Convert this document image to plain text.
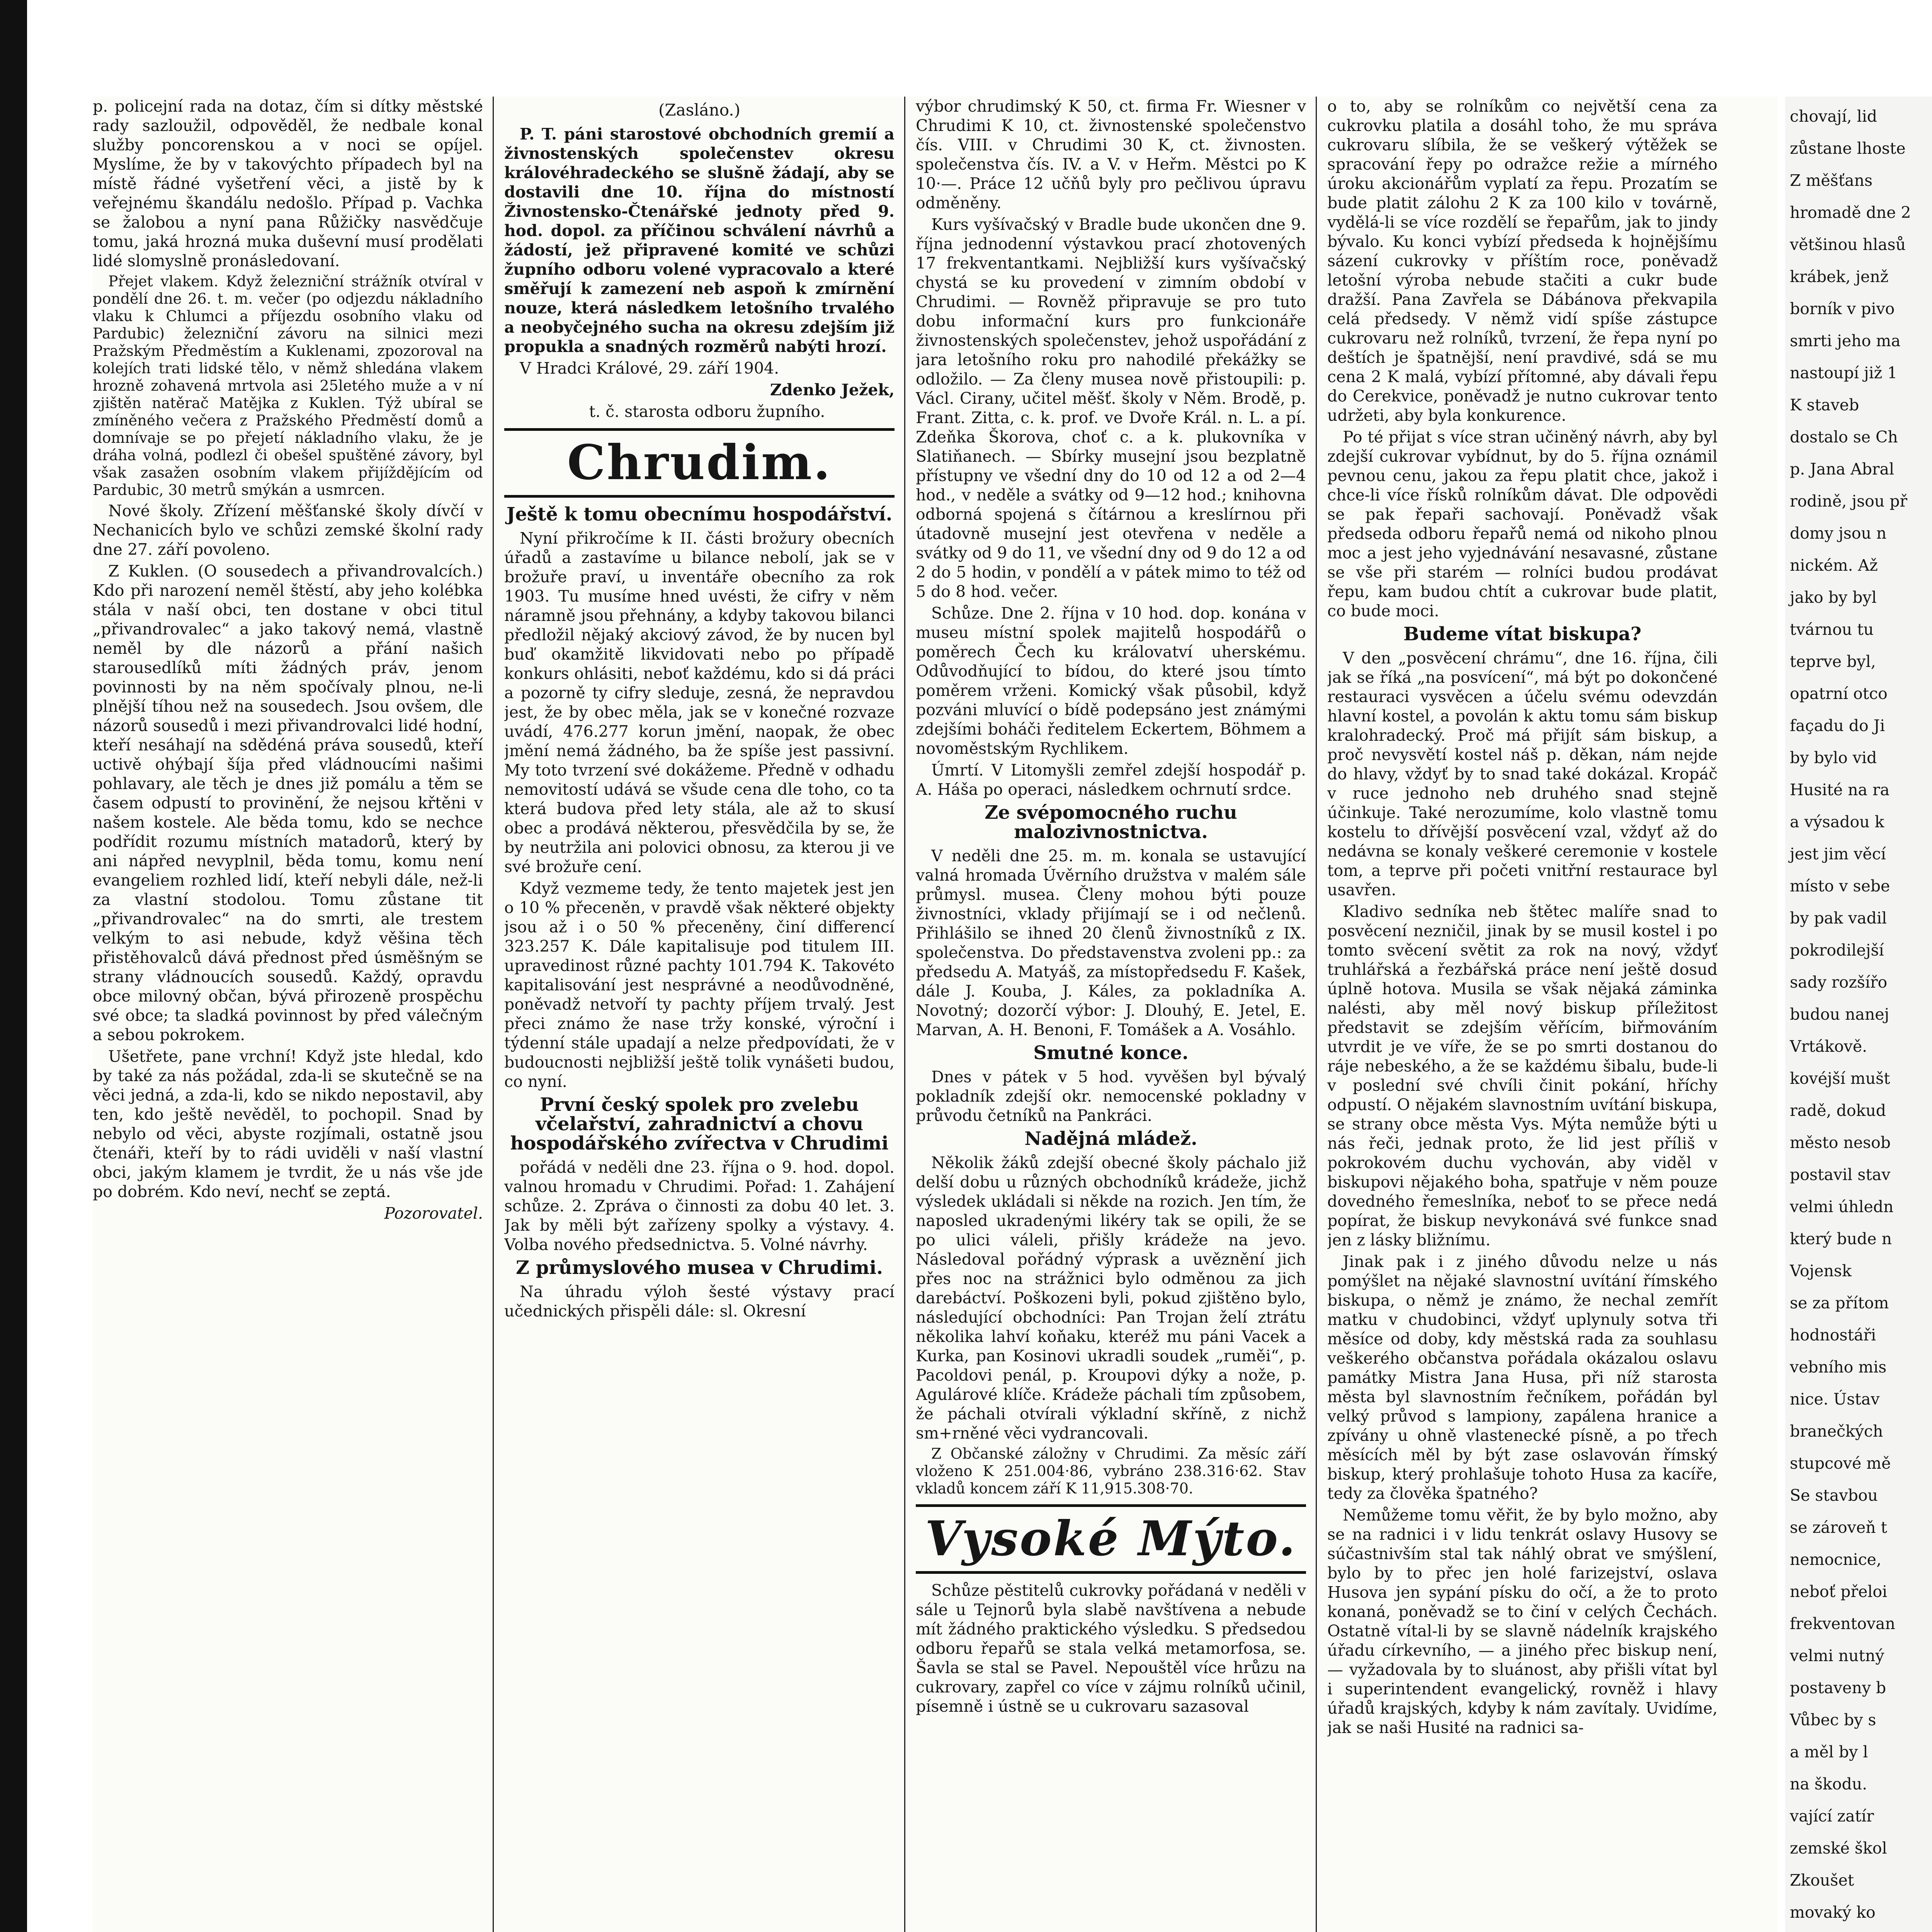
p. policejní rada na dotaz, čím si dítky městské rady sazloužil, odpověděl, že nedbale konal služby poncorenskou a v noci se opíjel. Myslíme, že by v takovýchto případech byl na místě řádné vyšetření věci, a jistě by k veřejnému škandálu nedošlo. Případ p. Vachka se žalobou a nyní pana Růžičky nasvědčuje tomu, jaká hrozná muka duševní musí prodělati lidé slomyslně pronásledovaní.

Přejet vlakem. Když železniční strážník otvíral v pondělí dne 26. t. m. večer (po odjezdu nákladního vlaku k Chlumci a příjezdu osobního vlaku od Pardubic) železniční závoru na silnici mezi Pražským Předměstím a Kuklenami, zpozoroval na kolejích trati lidské tělo, v němž shledána vlakem hrozně zohavená mrtvola asi 25letého muže a v ní zjištěn natěrač Matějka z Kuklen. Týž ubíral se zmíněného večera z Pražského Předměstí domů a domnívaje se po přejetí nákladního vlaku, že je dráha volná, podlezl či obešel spuštěné závory, byl však zasažen osobním vlakem přijíždějícím od Pardubic, 30 metrů smýkán a usmrcen.

Nové školy. Zřízení měšťanské školy dívčí v Nechanicích bylo ve schůzi zemské školní rady dne 27. září povoleno.

Z Kuklen. (O sousedech a přivandrovalcích.) Kdo při narození neměl štěstí, aby jeho kolébka stála v naší obci, ten dostane v obci titul „přivandrovalec“ a jako takový nemá, vlastně neměl by dle názorů a přání našich starousedlíků míti žádných práv, jenom povinnosti by na něm spočívaly plnou, ne-li plnější tíhou než na sousedech. Jsou ovšem, dle názorů sousedů i mezi přivandrovalci lidé hodní, kteří nesáhají na sdědéná práva sousedů, kteří uctivě ohýbají šíja před vládnoucími našimi pohlavary, ale těch je dnes již pomálu a těm se časem odpustí to provinění, že nejsou křtěni v našem kostele. Ale běda tomu, kdo se nechce podřídit rozumu místních matadorů, který by ani nápřed nevyplnil, běda tomu, komu není evangeliem rozhled lidí, kteří nebyli dále, než-li za vlastní stodolou. Tomu zůstane tit „přivandrovalec“ na do smrti, ale trestem velkým to asi nebude, když věšina těch přistěhovalců dává přednost před úsměšným se strany vládnoucích sousedů. Každý, opravdu obce milovný občan, bývá přirozeně prospěchu své obce; ta sladká povinnost by před válečným a sebou pokrokem.

Ušetřete, pane vrchní! Když jste hledal, kdo by také za nás požádal, zda-li se skutečně se na věci jedná, a zda-li, kdo se nikdo nepostavil, aby ten, kdo ještě nevěděl, to pochopil. Snad by nebylo od věci, abyste rozjímali, ostatně jsou čtenáři, kteří by to rádi uviděli v naší vlastní obci, jakým klamem je tvrdit, že u nás vše jde po dobrém. Kdo neví, nechť se zeptá.

Pozorovatel.

(Zasláno.)

P. T. páni starostové obchodních gremií a živnostenských společenstev okresu královéhradeckého se slušně žádají, aby se dostavili dne 10. října do místností Živnostensko-Čtenářské jednoty před 9. hod. dopol. za příčinou schválení návrhů a žádostí, jež připravené komité ve schůzi župního odboru volené vypracovalo a které směřují k zamezení neb aspoň k zmírnění nouze, která následkem letošního trvalého a neobyčejného sucha na okresu zdejším již propukla a snadných rozměrů nabýti hrozí.

V Hradci Králové, 29. září 1904.

Zdenko Ježek,

t. č. starosta odboru župního.

Chrudim.

Ještě k tomu obecnímu hospodářství.

Nyní přikročíme k II. části brožury obecních úřadů a zastavíme u bilance nebolí, jak se v brožuře praví, u inventáře obecního za rok 1903. Tu musíme hned uvésti, že cifry v něm náramně jsou přehnány, a kdyby takovou bilanci předložil nějaký akciový závod, že by nucen byl buď okamžitě likvidovati nebo po případě konkurs ohlásiti, neboť každému, kdo si dá práci a pozorně ty cifry sleduje, zesná, že nepravdou jest, že by obec měla, jak se v konečné rozvaze uvádí, 476.277 korun jmění, naopak, že obec jmění nemá žádného, ba že spíše jest passivní. My toto tvrzení své dokážeme. Předně v odhadu nemovitostí udává se všude cena dle toho, co ta která budova před lety stála, ale až to skusí obec a prodává některou, přesvědčila by se, že by neutržila ani polovici obnosu, za kterou ji ve své brožuře cení.

Když vezmeme tedy, že tento majetek jest jen o 10 % přeceněn, v pravdě však některé objekty jsou až i o 50 % přeceněny, činí differencí 323.257 K. Dále kapitalisuje pod titulem III. upravedinost různé pachty 101.794 K. Takovéto kapitalisování jest nesprávné a neodůvodněné, poněvadž netvoří ty pachty příjem trvalý. Jest přeci známo že nase tržy konské, výroční i týdenní stále upadají a nelze předpovídati, že v budoucnosti nejbližší ještě tolik vynášeti budou, co nyní.

První český spolek pro zvelebu včelařství, zahradnictví a chovu hospodářského zvířectva v Chrudimi

pořádá v neděli dne 23. října o 9. hod. dopol. valnou hromadu v Chrudimi. Pořad: 1. Zahájení schůze. 2. Zpráva o činnosti za dobu 40 let. 3. Jak by měli být zařízeny spolky a výstavy. 4. Volba nového předsednictva. 5. Volné návrhy.

Z průmyslového musea v Chrudimi.

Na úhradu výloh šesté výstavy prací učednických přispěli dále: sl. Okresní

výbor chrudimský K 50, ct. firma Fr. Wiesner v Chrudimi K 10, ct. živnostenské společenstvo čís. VIII. v Chrudimi 30 K, ct. živnosten. společenstva čís. IV. a V. v Heřm. Městci po K 10·—. Práce 12 učňů byly pro pečlivou úpravu odměněny.

Kurs vyšívačský v Bradle bude ukončen dne 9. října jednodenní výstavkou prací zhotovených 17 frekventantkami. Nejbližší kurs vyšívačský chystá se ku provedení v zimním období v Chrudimi. — Rovněž připravuje se pro tuto dobu informační kurs pro funkcionáře živnostenských společenstev, jehož uspořádání z jara letošního roku pro nahodilé překážky se odložilo. — Za členy musea nově přistoupili: p. Václ. Cirany, učitel měšť. školy v Něm. Brodě, p. Frant. Zitta, c. k. prof. ve Dvoře Král. n. L. a pí. Zdeňka Škorova, choť c. a k. plukovníka v Slatiňanech. — Sbírky musejní jsou bezplatně přístupny ve všední dny do 10 od 12 a od 2—4 hod., v neděle a svátky od 9—12 hod.; knihovna odborná spojená s čítárnou a kreslírnou při útadovně musejní jest otevřena v neděle a svátky od 9 do 11, ve všední dny od 9 do 12 a od 2 do 5 hodin, v pondělí a v pátek mimo to též od 5 do 8 hod. večer.

Schůze. Dne 2. října v 10 hod. dop. konána v museu místní spolek majitelů hospodářů o poměrech Čech ku královatví uherskému. Odůvodňující to bídou, do které jsou tímto poměrem vrženi. Komický však působil, když pozváni mluvící o bídě podepsáno jest známými zdejšími boháči ředitelem Eckertem, Böhmem a novoměstským Rychlikem.

Úmrtí. V Litomyšli zemřel zdejší hospodář p. A. Háša po operaci, následkem ochrnutí srdce.

Ze svépomocného ruchu malozivnostnictva.

V neděli dne 25. m. m. konala se ustavující valná hromada Úvěrního družstva v malém sále průmysl. musea. Členy mohou býti pouze živnostníci, vklady přijímají se i od nečlenů. Přihlášilo se ihned 20 členů živnostníků z IX. společenstva. Do představenstva zvoleni pp.: za předsedu A. Matyáš, za místopředsedu F. Kašek, dále J. Kouba, J. Káles, za pokladníka A. Novotný; dozorčí výbor: J. Dlouhý, E. Jetel, E. Marvan, A. H. Benoni, F. Tomášek a A. Vosáhlo.

Smutné konce.

Dnes v pátek v 5 hod. vyvěšen byl bývalý pokladník zdejší okr. nemocenské pokladny v průvodu četníků na Pankráci.

Nadějná mládež.

Několik žáků zdejší obecné školy páchalo již delší dobu u různých obchodníků krádeže, jichž výsledek ukládali si někde na rozich. Jen tím, že naposled ukradenými likéry tak se opili, že se po ulici váleli, přišly krádeže na jevo. Následoval pořádný výprask a uvěznění jich přes noc na strážnici bylo odměnou za jich darebáctví. Poškozeni byli, pokud zjištěno bylo, následující obchodníci: Pan Trojan želí ztrátu několika lahví koňaku, kteréž mu páni Vacek a Kurka, pan Kosinovi ukradli soudek „ruměi“, p. Pacoldovi penál, p. Kroupovi dýky a nože, p. Agulárové klíče. Krádeže páchali tím způsobem, že páchali otvírali výkladní skříně, z nichž sm+rněné věci vydrancovali.

Z Občanské záložny v Chrudimi. Za měsíc září vloženo K 251.004·86, vybráno 238.316·62. Stav vkladů koncem září K 11,915.308·70.

Vysoké Mýto.

Schůze pěstitelů cukrovky pořádaná v neděli v sále u Tejnorů byla slabě navštívena a nebude mít žádného praktického výsledku. S předsedou odboru řepařů se stala velká metamorfosa, se. Šavla se stal se Pavel. Nepouštěl více hrůzu na cukrovary, zapřel co více v zájmu rolníků učinil, písemně i ústně se u cukrovaru sazasoval

o to, aby se rolníkům co největší cena za cukrovku platila a dosáhl toho, že mu správa cukrovaru slíbila, že se veškerý výtěžek se spracování řepy po odražce režie a mírného úroku akcionářům vyplatí za řepu. Prozatím se bude platit zálohu 2 K za 100 kilo v továrně, vydělá-li se více rozdělí se řepařům, jak to jindy bývalo. Ku konci vybízí předseda k hojnějšímu sázení cukrovky v příštím roce, poněvadž letošní výroba nebude stačiti a cukr bude dražší. Pana Zavřela se Dábánova překvapila celá předsedy. V němž vidí spíše zástupce cukrovaru než rolníků, tvrzení, že řepa nyní po deštích je špatnější, není pravdivé, sdá se mu cena 2 K malá, vybízí přítomné, aby dávali řepu do Cerekvice, poněvadž je nutno cukrovar tento udržeti, aby byla konkurence.

Po té přijat s více stran učiněný návrh, aby byl zdejší cukrovar vybídnut, by do 5. října oznámil pevnou cenu, jakou za řepu platit chce, jakož i chce-li více řísků rolníkům dávat. Dle odpovědi se pak řepaři sachovají. Poněvadž však předseda odboru řepařů nemá od nikoho plnou moc a jest jeho vyjednávání nesavasné, zůstane se vše při starém — rolníci budou prodávat řepu, kam budou chtít a cukrovar bude platit, co bude moci.

Budeme vítat biskupa?

V den „posvěcení chrámu“, dne 16. října, čili jak se říká „na posvícení“, má být po dokončené restauraci vysvěcen a účelu svému odevzdán hlavní kostel, a povolán k aktu tomu sám biskup kralohradecký. Proč má přijít sám biskup, a proč nevysvětí kostel náš p. děkan, nám nejde do hlavy, vždyť by to snad také dokázal. Kropáč v ruce jednoho neb druhého snad stejně účinkuje. Také nerozumíme, kolo vlastně tomu kostelu to dřívější posvěcení vzal, vždyť až do nedávna se konaly veškeré ceremonie v kostele tom, a teprve při početi vnitřní restaurace byl usavřen.

Kladivo sedníka neb štětec malíře snad to posvěcení nezničil, jinak by se musil kostel i po tomto svěcení světit za rok na nový, vždyť truhlářská a řezbářská práce není ještě dosud úplně hotova. Musila se však nějaká záminka nalésti, aby měl nový biskup příležitost představit se zdejším věřícím, biřmováním utvrdit je ve víře, že se po smrti dostanou do ráje nebeského, a že se každému šibalu, bude-li v poslední své chvíli činit pokání, hříchy odpustí. O nějakém slavnostním uvítání biskupa, se strany obce města Vys. Mýta nemůže býti u nás řeči, jednak proto, že lid jest příliš v pokrokovém duchu vychován, aby viděl v biskupovi nějakého boha, spatřuje v něm pouze dovedného řemeslníka, neboť to se přece nedá popírat, že biskup nevykonává své funkce snad jen z lásky bližnímu.

Jinak pak i z jiného důvodu nelze u nás pomýšlet na nějaké slavnostní uvítání římského biskupa, o němž je známo, že nechal zemřít matku v chudobinci, vždyť uplynuly sotva tři měsíce od doby, kdy městská rada za souhlasu veškerého občanstva pořádala okázalou oslavu památky Mistra Jana Husa, při níž starosta města byl slavnostním řečníkem, pořádán byl velký průvod s lampiony, zapálena hranice a zpívány u ohně vlastenecké písně, a po třech měsících měl by být zase oslavován římský biskup, který prohlašuje tohoto Husa za kacíře, tedy za člověka špatného?

Nemůžeme tomu věřit, že by bylo možno, aby se na radnici i v lidu tenkrát oslavy Husovy se súčastnivším stal tak náhlý obrat ve smýšlení, bylo by to přec jen holé farizejství, oslava Husova jen sypání písku do očí, a že to proto konaná, poněvadž se to činí v celých Čechách. Ostatně vítal-li by se slavně nádelník krajského úřadu církevního, — a jiného přec biskup není, — vyžadovala by to sluánost, aby přišli vítat byl i superintendent evangelický, rovněž i hlavy úřadů krajských, kdyby k nám zavítaly. Uvidíme, jak se naši Husité na radnici sa-

chovají, lid
zůstane lhoste
Z měšťans
hromadě dne 2
většinou hlasů
krábek, jenž
borník v pivo
smrti jeho ma
nastoupí již 1
K staveb
dostalo se Ch
p. Jana Abral
rodině, jsou př
domy jsou n
nickém. Až
jako by byl
tvárnou tu
teprve byl,
opatrní otco
façadu do Ji
by bylo vid
Husité na ra
a výsadou k
jest jim věcí
místo v sebe
by pak vadil
pokrodilejší
sady rozšířo
budou nanej
Vrtákově.
kovéjší mušt
radě, dokud
město nesob
postavil stav
velmi úhledn
který bude n
Vojensk
se za přítom
hodnostáři
vebního mis
nice. Ústav
branečkých
stupcové mě
Se stavbou
se zároveň t
nemocnice,
neboť přeloi
frekventovan
velmi nutný
postaveny b
Vůbec by s
a měl by l
na škodu.
vající zatír
zemské škol
Zkoušet
movaký ko
